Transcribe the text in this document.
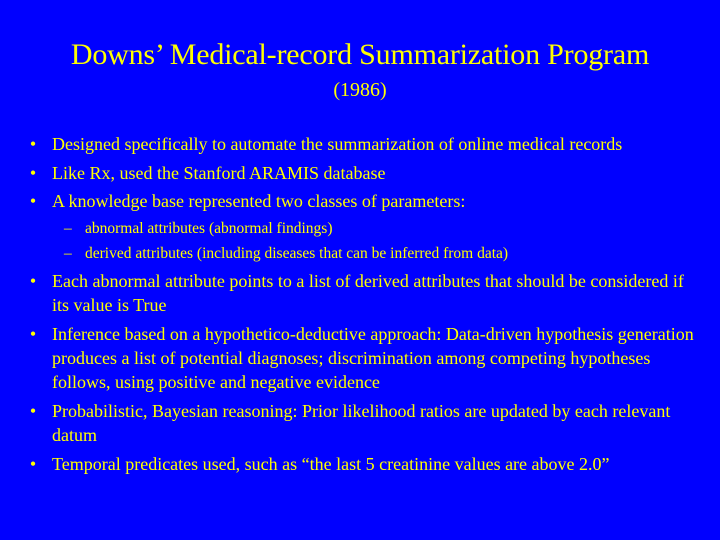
Downs’ Medical-record Summarization Program
(1986)
• Designed specifically to automate the summarization of online medical records
• Like Rx, used the Stanford ARAMIS database
• A knowledge base represented two classes of parameters:
– abnormal attributes (abnormal findings)
– derived attributes (including diseases that can be inferred from data)
• Each abnormal attribute points to a list of derived attributes that should be considered if its value is True
• Inference based on a hypothetico-deductive approach: Data-driven hypothesis generation produces a list of potential diagnoses; discrimination among competing hypotheses follows, using positive and negative evidence
• Probabilistic, Bayesian reasoning: Prior likelihood ratios are updated by each relevant datum
• Temporal predicates used, such as “the last 5 creatinine values are above 2.0”
